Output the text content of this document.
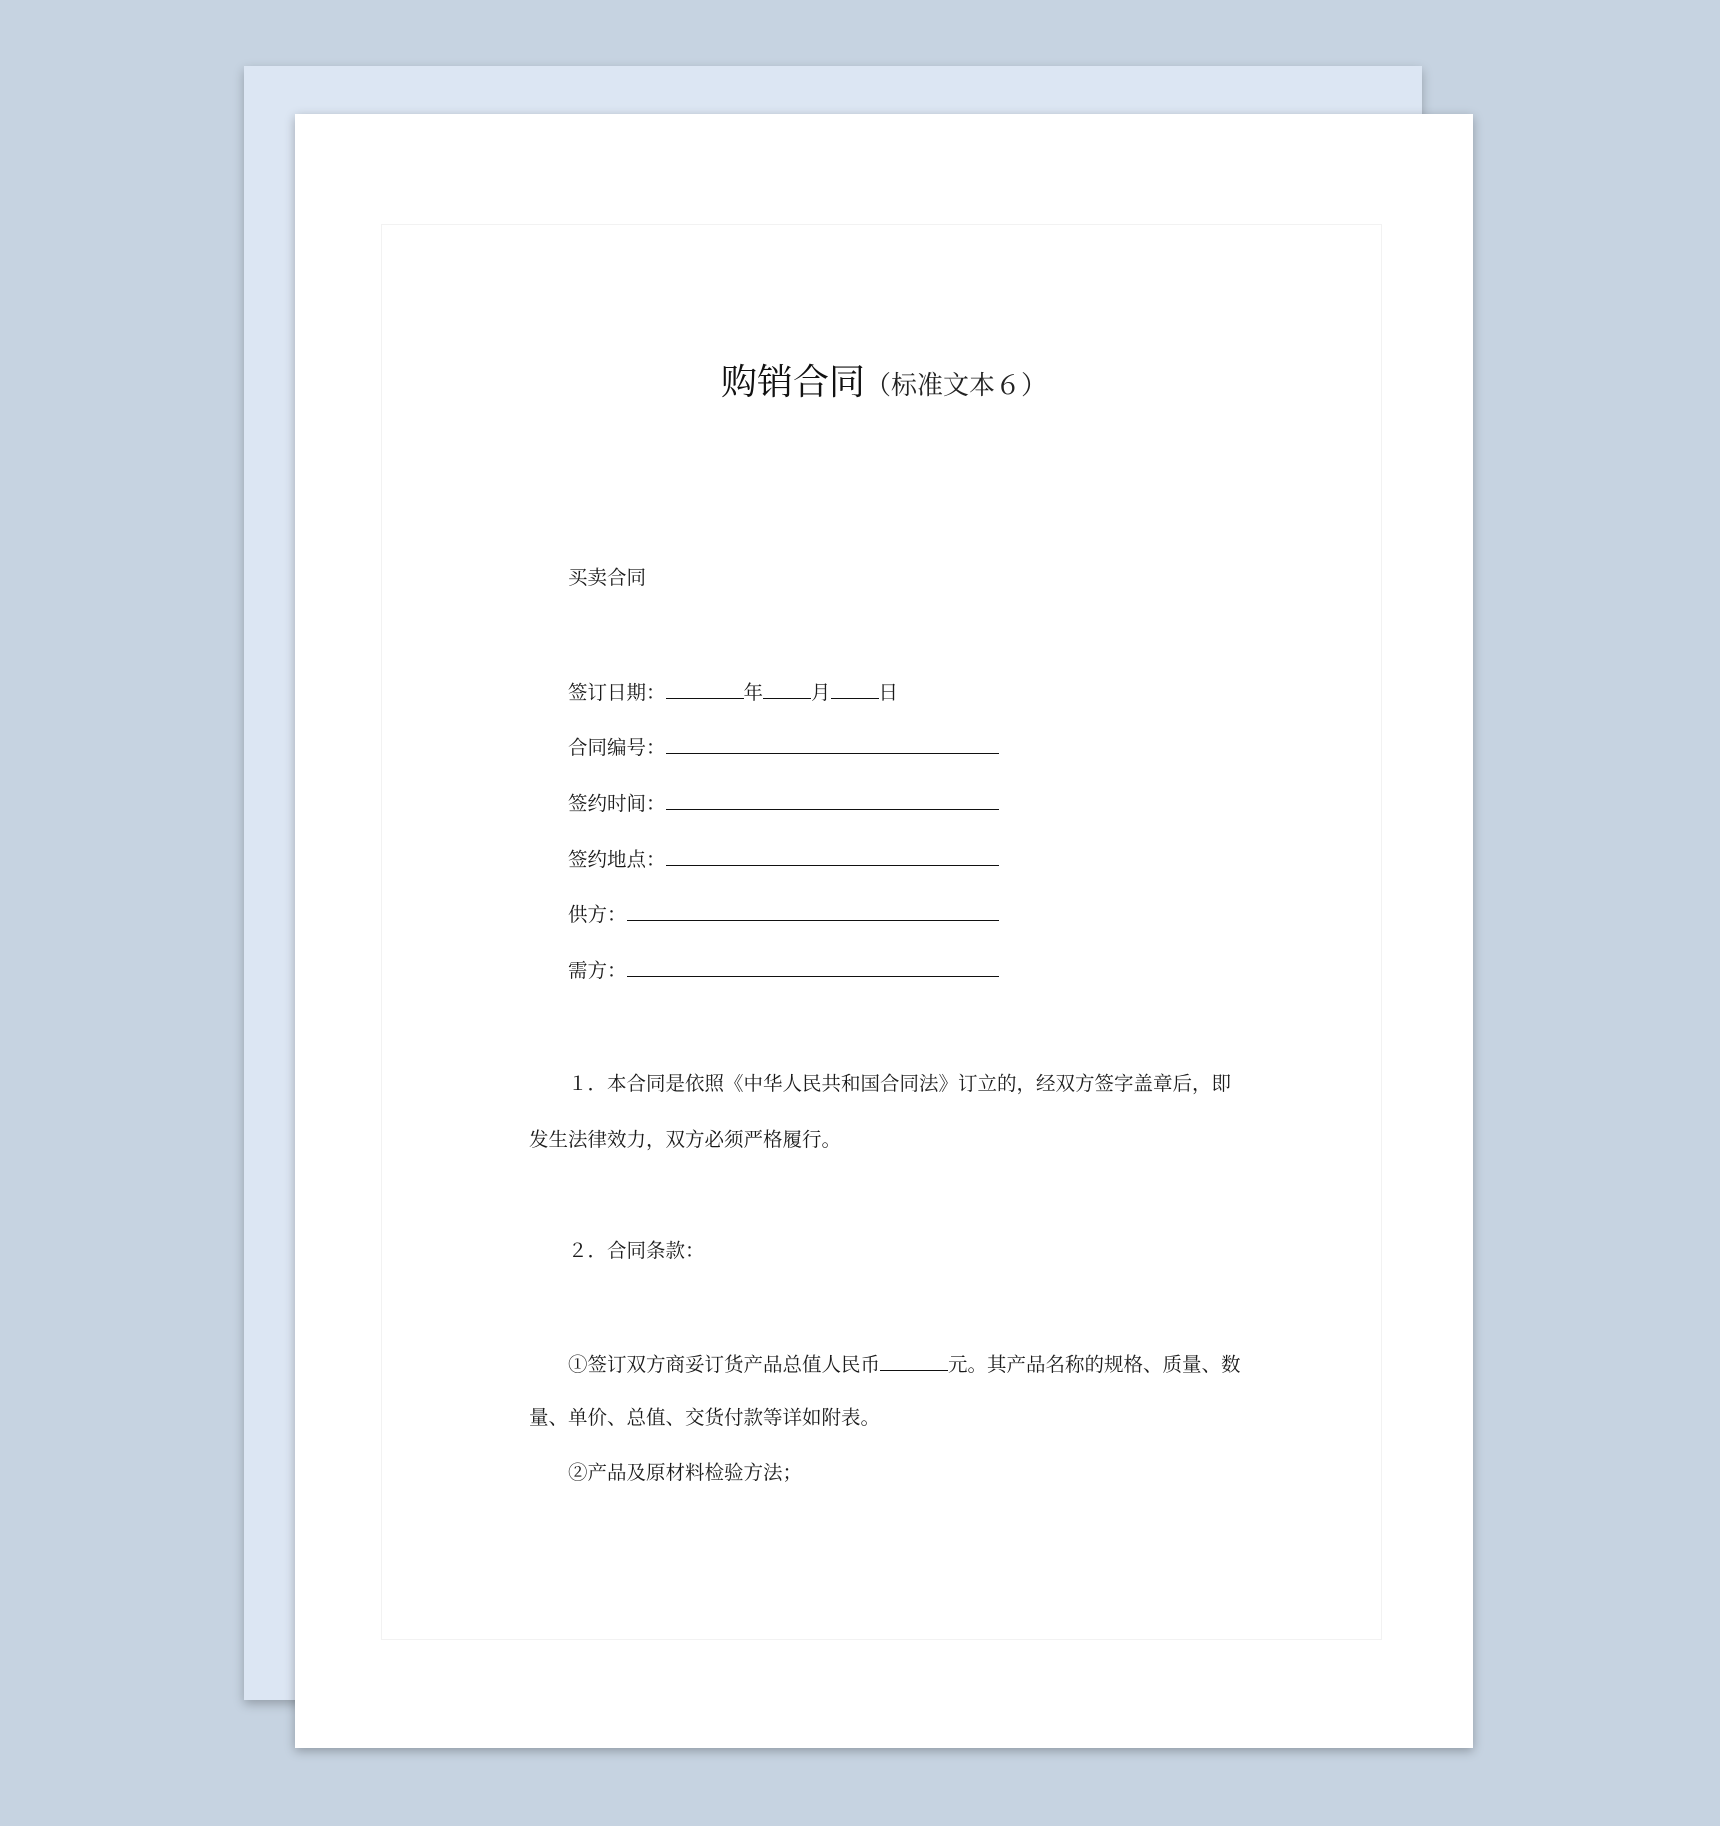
购销合同（标准文本６）
买卖合同
签订日期：	年 月 日
合同编号：
签约时间：
签约地点：
供方：
需方：
１．本合同是依照《中华人民共和国合同法》订立的，经双方签字盖章后，即
发生法律效力，双方必须严格履行。
２．合同条款：
①签订双方商妥订货产品总值人民币	元。其产品名称的规格、质量、数
量、单价、总值、交货付款等详如附表。
②产品及原材料检验方法；
